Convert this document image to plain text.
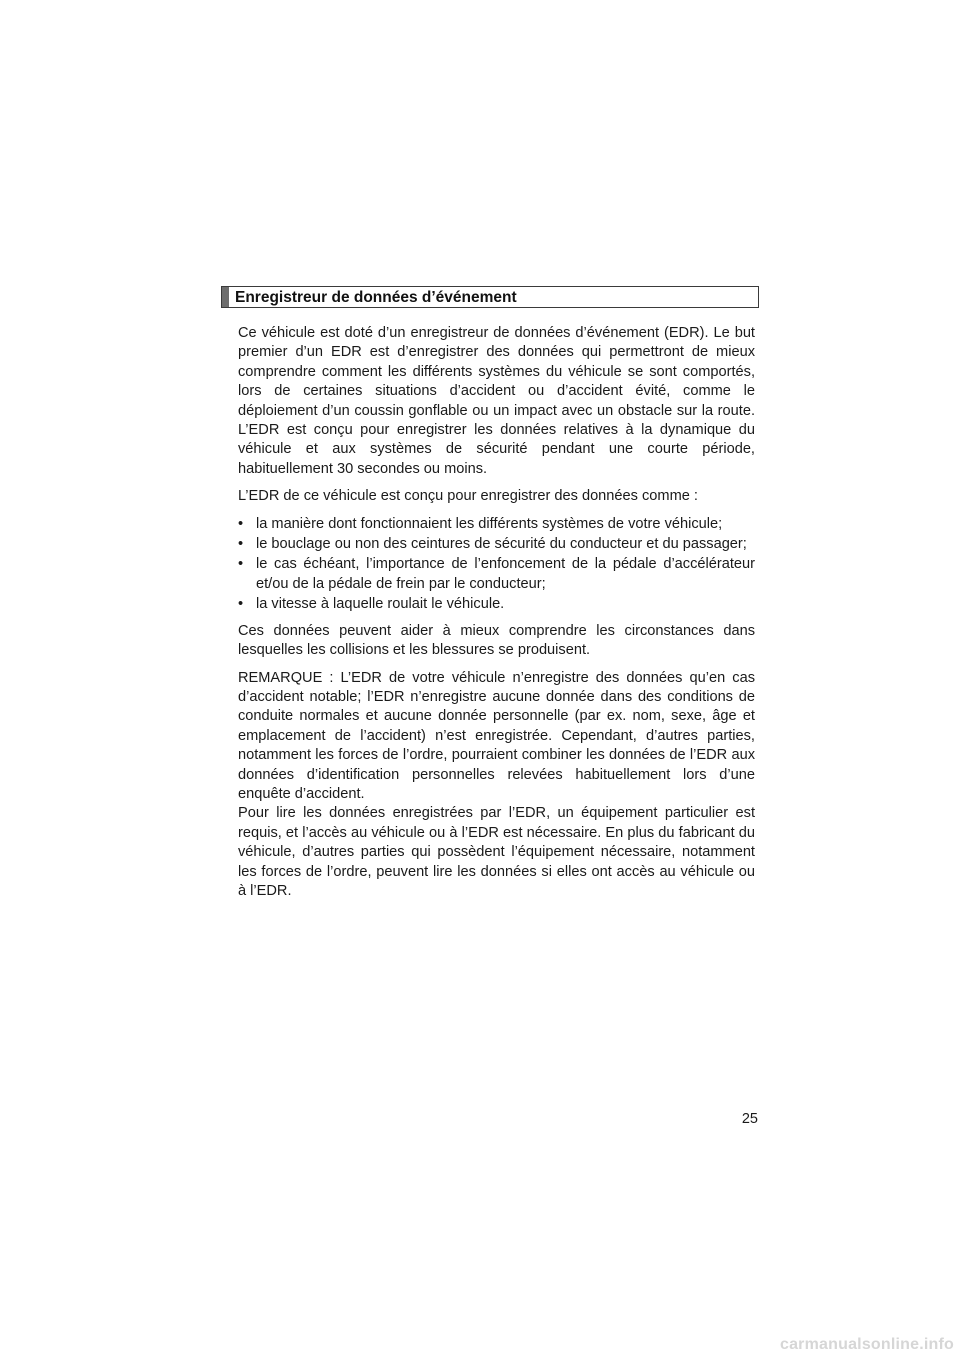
Enregistreur de données d’événement

Ce véhicule est doté d’un enregistreur de données d’événement (EDR). Le but premier d’un EDR est d’enregistrer des données qui permettront de mieux comprendre comment les différents systèmes du véhicule se sont comportés, lors de certaines situations d’accident ou d’accident évité, comme le déploiement d’un coussin gonflable ou un impact avec un obstacle sur la route. L’EDR est conçu pour enregistrer les données relatives à la dynamique du véhicule et aux systèmes de sécurité pendant une courte période, habituellement 30 secondes ou moins.

L’EDR de ce véhicule est conçu pour enregistrer des données comme :

• la manière dont fonctionnaient les différents systèmes de votre véhicule;
• le bouclage ou non des ceintures de sécurité du conducteur et du passager;
• le cas échéant, l’importance de l’enfoncement de la pédale d’accélérateur et/ou de la pédale de frein par le conducteur;
• la vitesse à laquelle roulait le véhicule.

Ces données peuvent aider à mieux comprendre les circonstances dans lesquelles les collisions et les blessures se produisent.

REMARQUE : L’EDR de votre véhicule n’enregistre des données qu’en cas d’accident notable; l’EDR n’enregistre aucune donnée dans des conditions de conduite normales et aucune donnée personnelle (par ex. nom, sexe, âge et emplacement de l’accident) n’est enregistrée. Cependant, d’autres parties, notamment les forces de l’ordre, pourraient combiner les données de l’EDR aux données d’identification personnelles relevées habituellement lors d’une enquête d’accident.

Pour lire les données enregistrées par l’EDR, un équipement particulier est requis, et l’accès au véhicule ou à l’EDR est nécessaire. En plus du fabricant du véhicule, d’autres parties qui possèdent l’équipement nécessaire, notamment les forces de l’ordre, peuvent lire les données si elles ont accès au véhicule ou à l’EDR.

25
carmanualsonline.info
